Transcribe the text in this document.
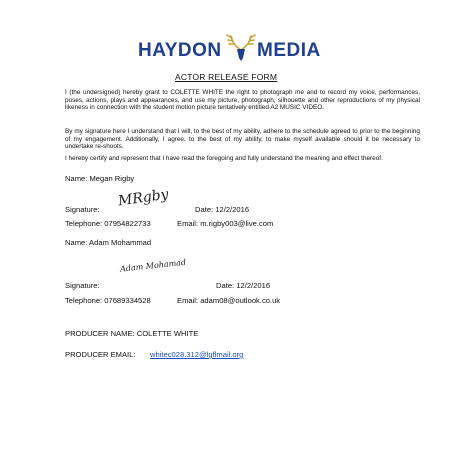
HAYDON MEDIA
ACTOR RELEASE FORM
I (the undersigned) hereby grant to COLETTE WHITE the right to photograph me and to record my voice, performances, poses, actions, plays and appearances, and use my picture, photograph, silhouette and other reproductions of my physical likeness in connection with the student motion picture tentatively entitled A2 MUSIC VIDEO.
By my signature here I understand that I will, to the best of my ability, adhere to the schedule agreed to prior to the beginning of my engagement. Additionally, I agree, to the best of my ability, to make myself available should it be necessary to undertake re-shoots.
I hereby certify and represent that I have read the foregoing and fully understand the meaning and effect thereof.
Name: Megan Rigby
Signature:
MRgby
Date: 12/2/2016
Telephone: 07954822733	Email: m.rigby003@live.com
Name: Adam Mohammad
Adam Mohamad
Signature:	Date: 12/2/2016
Telephone: 07689334528	Email: adam08@outlook.co.uk
PRODUCER NAME: COLETTE WHITE
PRODUCER EMAIL: whitec028.312@lgflmail.org
